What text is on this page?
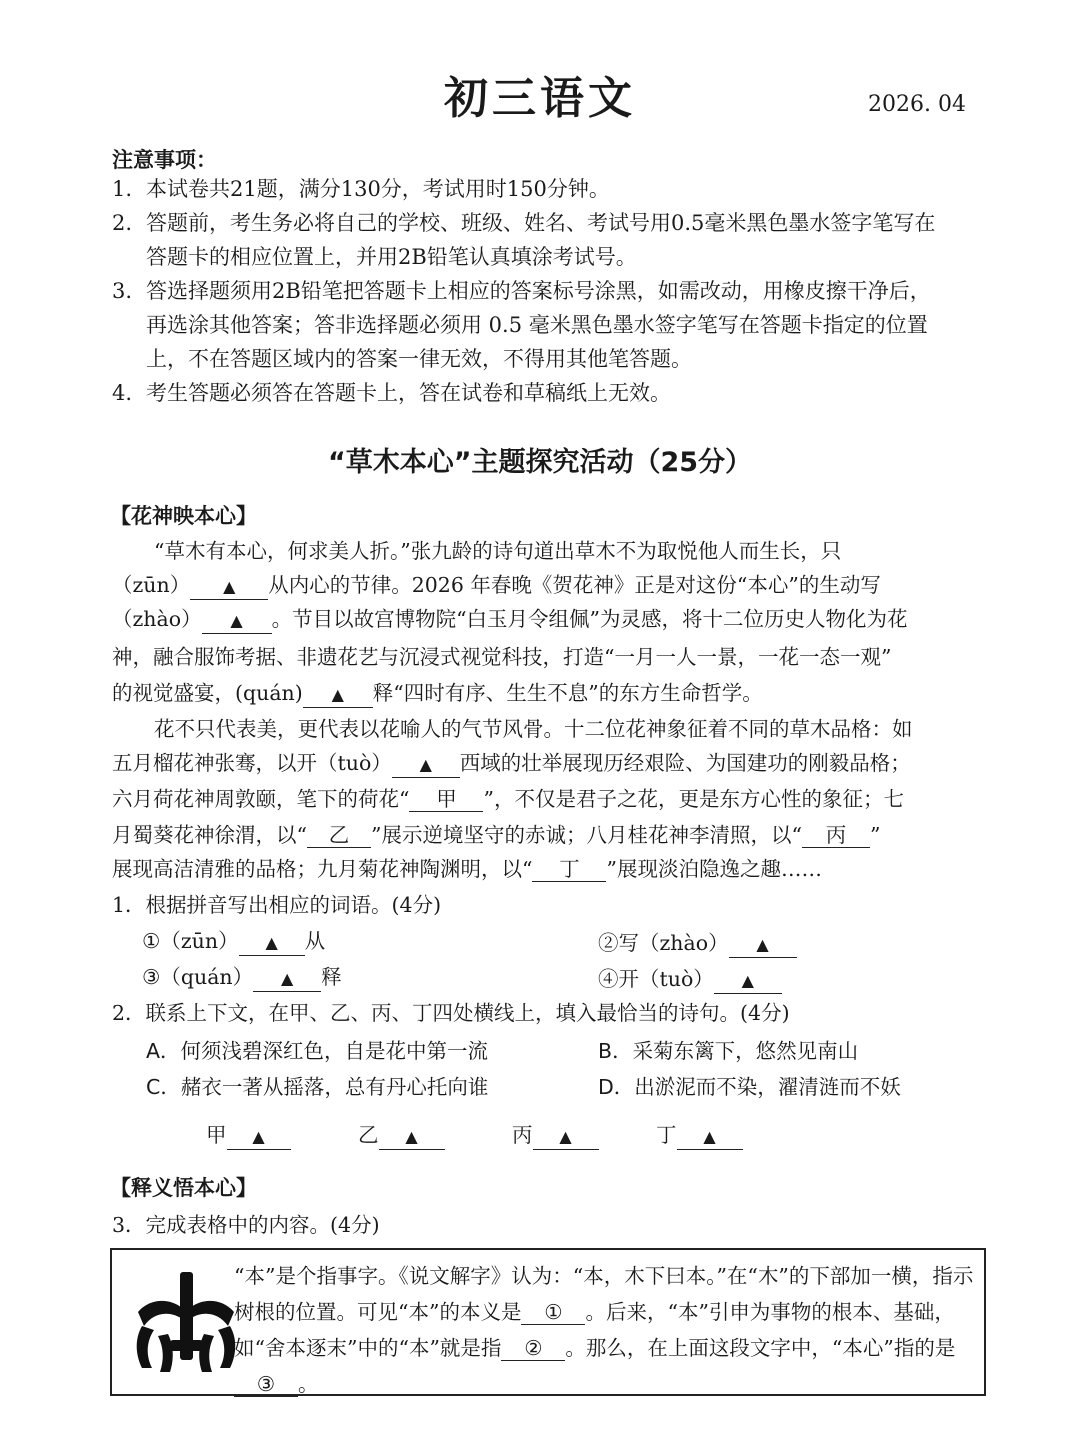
初三语文	2026. 04
注意事项：
1. 本试卷共21题，满分130分，考试用时150分钟。
2. 答题前，考生务必将自己的学校、班级、姓名、考试号用0.5毫米黑色墨水签字笔写在
答题卡的相应位置上，并用2B铅笔认真填涂考试号。
3. 答选择题须用2B铅笔把答题卡上相应的答案标号涂黑，如需改动，用橡皮擦干净后，
再选涂其他答案；答非选择题必须用 0.5 毫米黑色墨水签字笔写在答题卡指定的位置
上，不在答题区域内的答案一律无效，不得用其他笔答题。
4. 考生答题必须答在答题卡上，答在试卷和草稿纸上无效。
“草木本心”主题探究活动（25分）
【花神映本心】
“草木有本心，何求美人折。”张九龄的诗句道出草木不为取悦他人而生长，只
（zūn） ▲ 从内心的节律。2026 年春晚《贺花神》正是对这份“本心”的生动写
（zhào） ▲ 。节目以故宫博物院“白玉月令组佩”为灵感，将十二位历史人物化为花
神，融合服饰考据、非遗花艺与沉浸式视觉科技，打造“一月一人一景，一花一态一观”
的视觉盛宴，(quán) ▲ 释“四时有序、生生不息”的东方生命哲学。
花不只代表美，更代表以花喻人的气节风骨。十二位花神象征着不同的草木品格：如
五月榴花神张骞，以开（tuò） ▲ 西域的壮举展现历经艰险、为国建功的刚毅品格；
六月荷花神周敦颐，笔下的荷花“ 甲 ”，不仅是君子之花，更是东方心性的象征；七
月蜀葵花神徐渭，以“ 乙 ”展示逆境坚守的赤诚；八月桂花神李清照，以“ 丙 ”
展现高洁清雅的品格；九月菊花神陶渊明，以“ 丁 ”展现淡泊隐逸之趣……
1．根据拼音写出相应的词语。(4分)
①（zūn） ▲ 从	②写（zhào） ▲
③（quán） ▲ 释	④开（tuò） ▲
2．联系上下文，在甲、乙、丙、丁四处横线上，填入最恰当的诗句。(4分)
A．何须浅碧深红色，自是花中第一流	B．采菊东篱下，悠然见南山
C．赭衣一著从摇落，总有丹心托向谁	D．出淤泥而不染，濯清涟而不妖
甲 ▲	乙 ▲	丙 ▲	丁 ▲
【释义悟本心】
3．完成表格中的内容。(4分)
“本”是个指事字。《说文解字》认为：“本，木下曰本。”在“木”的下部加一横，指示树根的位置。可见“本”的本义是 ① 。后来，“本”引申为事物的根本、基础，如“舍本逐末”中的“本”就是指 ② 。那么，在上面这段文字中，“本心”指的是③ 。
